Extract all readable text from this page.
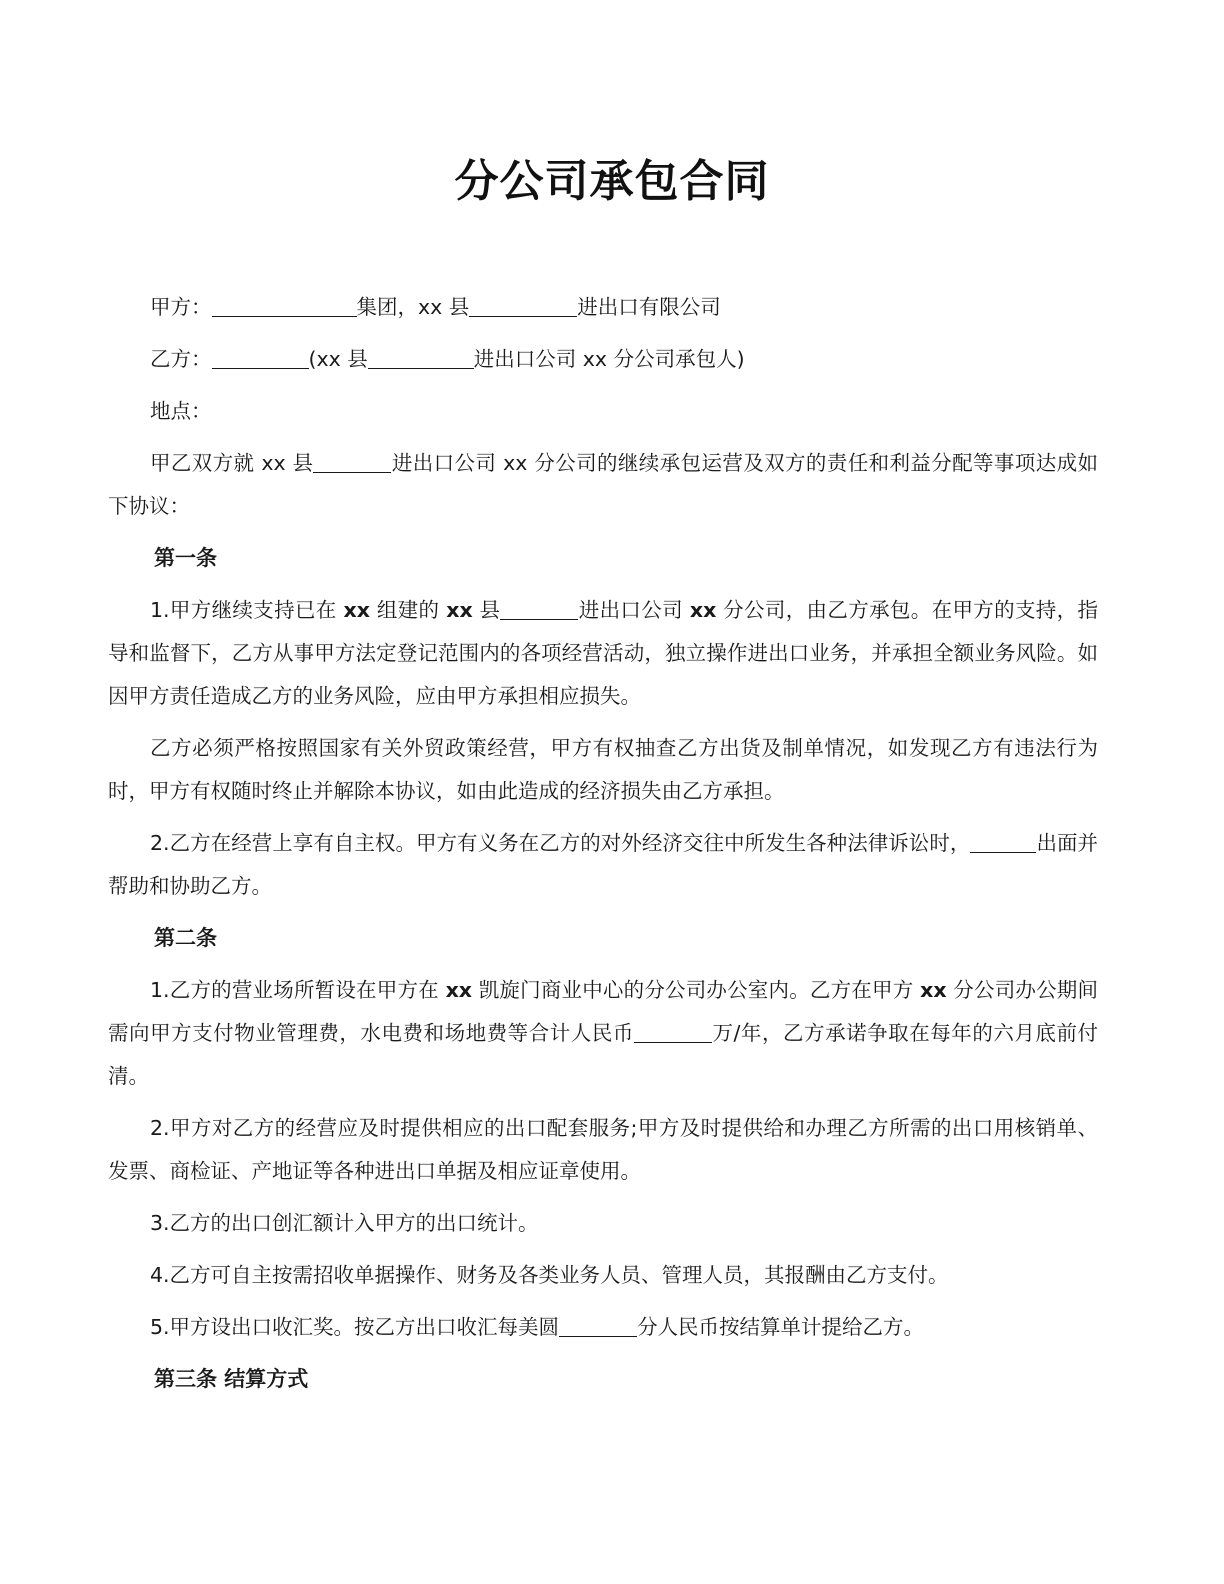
分公司承包合同

甲方：	集团，xx 县	进出口有限公司

乙方：	(xx 县	进出口公司 xx 分公司承包人)

地点：

甲乙双方就 xx 县	进出口公司 xx 分公司的继续承包运营及双方的责任和利益分配等事项达成如下协议：

第一条

1.甲方继续支持已在 xx 组建的 xx 县	进出口公司 xx 分公司，由乙方承包。在甲方的支持，指导和监督下，乙方从事甲方法定登记范围内的各项经营活动，独立操作进出口业务，并承担全额业务风险。如因甲方责任造成乙方的业务风险，应由甲方承担相应损失。

乙方必须严格按照国家有关外贸政策经营，甲方有权抽查乙方出货及制单情况，如发现乙方有违法行为时，甲方有权随时终止并解除本协议，如由此造成的经济损失由乙方承担。

2.乙方在经营上享有自主权。甲方有义务在乙方的对外经济交往中所发生各种法律诉讼时，	出面并帮助和协助乙方。

第二条

1.乙方的营业场所暂设在甲方在 xx 凯旋门商业中心的分公司办公室内。乙方在甲方 xx 分公司办公期间需向甲方支付物业管理费，水电费和场地费等合计人民币	万/年，乙方承诺争取在每年的六月底前付清。

2.甲方对乙方的经营应及时提供相应的出口配套服务;甲方及时提供给和办理乙方所需的出口用核销单、发票、商检证、产地证等各种进出口单据及相应证章使用。

3.乙方的出口创汇额计入甲方的出口统计。

4.乙方可自主按需招收单据操作、财务及各类业务人员、管理人员，其报酬由乙方支付。

5.甲方设出口收汇奖。按乙方出口收汇每美圆	分人民币按结算单计提给乙方。

第三条 结算方式
